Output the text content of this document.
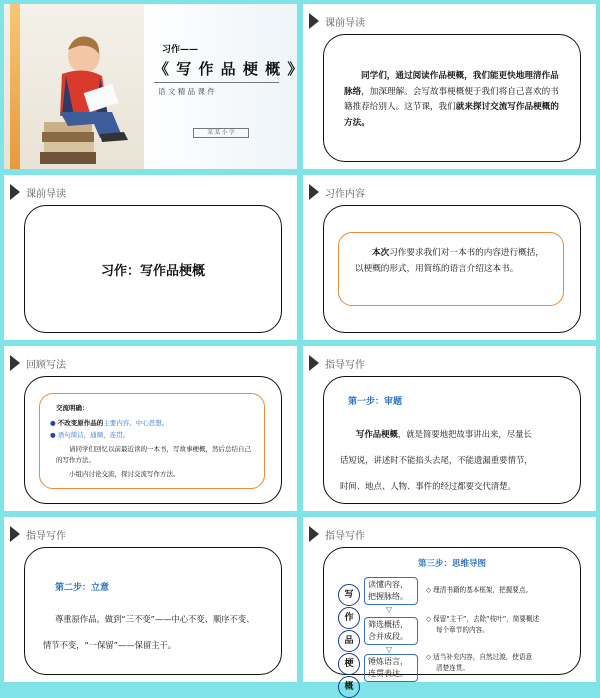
习作——
《 写 作 品 梗 概 》
语 文 精 品 课 件
某 某 小 学
课前导读
同学们，通过阅读作品梗概，我们能更快地理清作品脉络，加深理解。会写故事梗概便于我们将自己喜欢的书籍推荐给别人。这节课，我们就来探讨交流写作品梗概的方法。
课前导读
习作：写作品梗概
习作内容
本次习作要求我们对一本书的内容进行概括，以梗概的形式，用简练的语言介绍这本书。
回顾写法
交流明确：
● 不改变原作品的主要内容、中心思想。
● 语句简洁，通顺，连贯。
请同学们回忆以前最近读的一本书，写故事梗概，然后总结自己的写作方法。
小组内讨论交流，探讨交流写作方法。
指导写作
第一步：审题
写作品梗概，就是简要地把故事讲出来，尽量长
话短说，讲述时不能掐头去尾，不能遗漏重要情节，
时间、地点、人物、事件的经过都要交代清楚。
指导写作
第二步：立意
尊重原作品。做到“三不变”——中心不变、顺序不变、
情节不变，“一保留”——保留主干。
指导写作
第三步：思维导图
写
作
品
梗
概
读懂内容，
把握脉络。
▽
筛选概括，
合并成段。
▽
锤炼语言，
连贯表达。
◇ 理清书籍的基本框架，把握要点。
◇ 保留“主干”，去除“枝叶”，简要概述
每个章节的内容。
◇ 适当补充内容，自然过渡，使语意
清楚连贯。
